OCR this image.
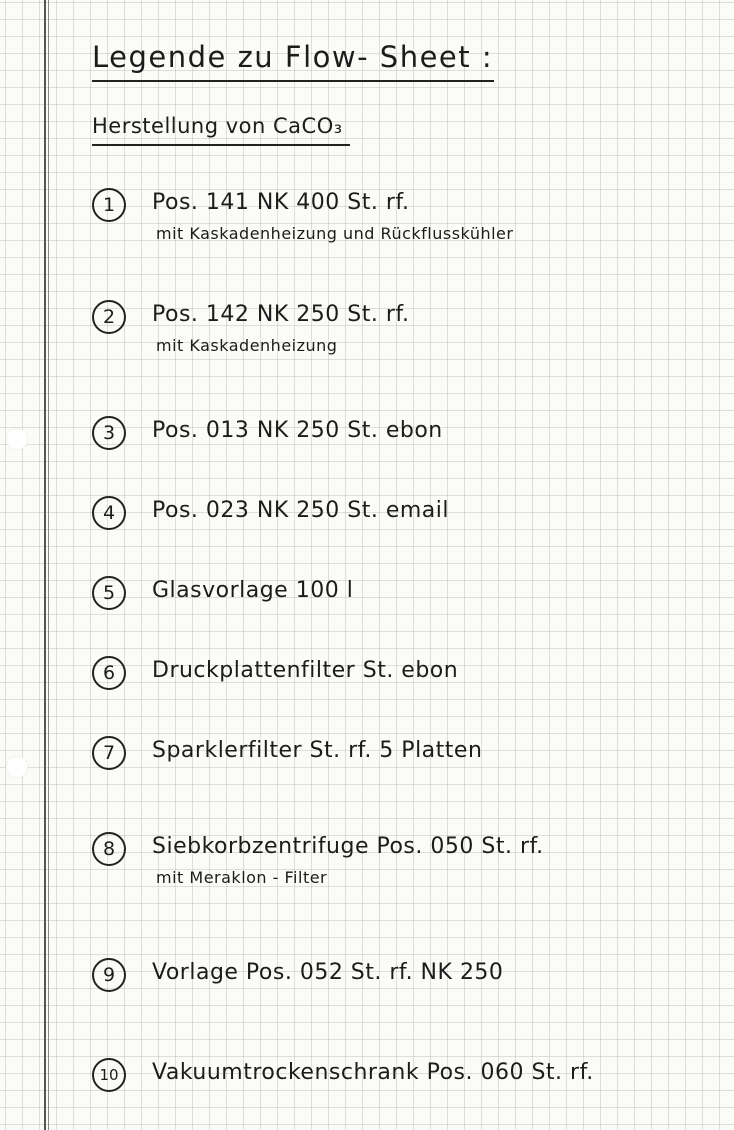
Legende zu Flow- Sheet :
Herstellung von CaCO₃
1	Pos. 141 NK 400 St. rf.
mit Kaskadenheizung und Rückflusskühler
2	Pos. 142 NK 250 St. rf.
mit Kaskadenheizung
3	Pos. 013 NK 250 St. ebon
4	Pos. 023 NK 250 St. email
5	Glasvorlage 100 l
6	Druckplattenfilter St. ebon
7	Sparklerfilter St. rf. 5 Platten
8	Siebkorbzentrifuge Pos. 050 St. rf.
mit Meraklon - Filter
9	Vorlage Pos. 052 St. rf. NK 250
10	Vakuumtrockenschrank Pos. 060 St. rf.
